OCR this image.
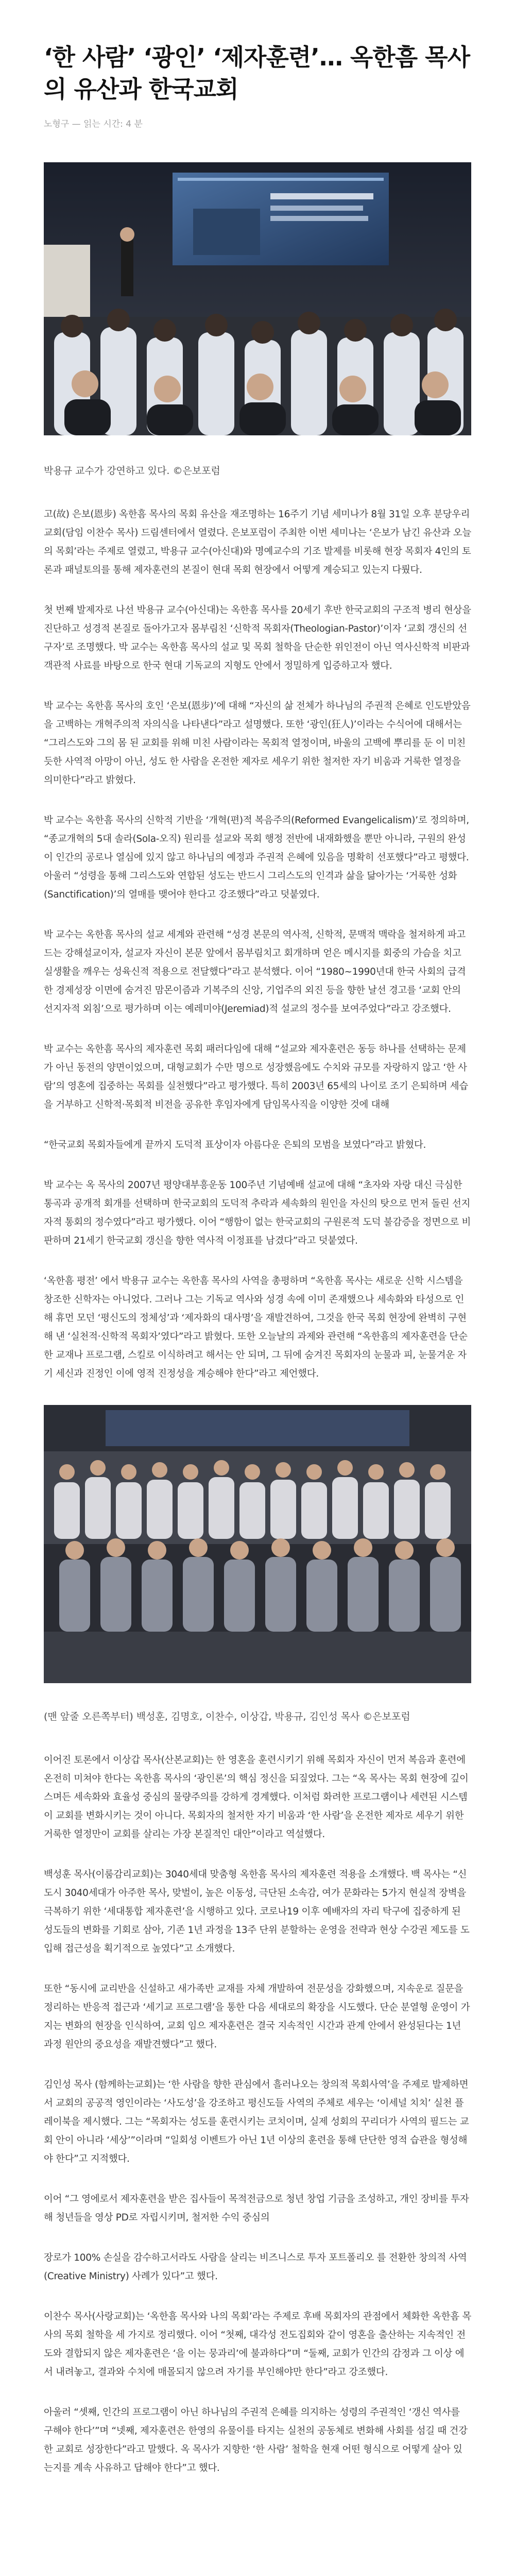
‘한 사람’ ‘광인’ ‘제자훈련’… 옥한흠 목사의 유산과 한국교회
노형구 — 읽는 시간: 4 분
박용규 교수가 강연하고 있다. ©은보포럼

고(故) 은보(恩步) 옥한흠 목사의 목회 유산을 재조명하는 16주기 기념 세미나가 8월 31일 오후 분당우리교회(담임 이찬수 목사) 드림센터에서 열렸다. 은보포럼이 주최한 이번 세미나는 ‘은보가 남긴 유산과 오늘의 목회’라는 주제로 열렸고, 박용규 교수(아신대)와 명예교수의 기조 발제를 비롯해 현장 목회자 4인의 토론과 패널토의를 통해 제자훈련의 본질이 현대 목회 현장에서 어떻게 계승되고 있는지 다뤘다.

첫 번째 발제자로 나선 박용규 교수(아신대)는 옥한흠 목사를 20세기 후반 한국교회의 구조적 병리 현상을 진단하고 성경적 본질로 돌아가고자 몸부림친 ‘신학적 목회자(Theologian-Pastor)’이자 ‘교회 갱신의 선구자’로 조명했다. 박 교수는 옥한흠 목사의 설교 및 목회 철학을 단순한 위인전이 아닌 역사신학적 비판과 객관적 사료를 바탕으로 한국 현대 기독교의 지형도 안에서 정밀하게 입증하고자 했다.

박 교수는 옥한흠 목사의 호인 ‘은보(恩步)’에 대해 “자신의 삶 전체가 하나님의 주권적 은혜로 인도받았음을 고백하는 개혁주의적 자의식을 나타낸다”라고 설명했다. 또한 ‘광인(狂人)’이라는 수식어에 대해서는 “그리스도와 그의 몸 된 교회를 위해 미친 사람이라는 목회적 열정이며, 바울의 고백에 뿌리를 둔 이 미친듯한 사역적 아망이 아닌, 성도 한 사람을 온전한 제자로 세우기 위한 철저한 자기 비움과 거룩한 열정을 의미한다”라고 밝혔다.

박 교수는 옥한흠 목사의 신학적 기반을 ‘개혁(편)적 복음주의(Reformed Evangelicalism)’로 정의하며, “종교개혁의 5대 솔라(Sola-오직) 원리를 설교와 목회 행정 전반에 내재화했을 뿐만 아니라, 구원의 완성이 인간의 공로나 열심에 있지 않고 하나님의 예정과 주권적 은혜에 있음을 명확히 선포했다”라고 평했다. 아울러 “성령을 통해 그리스도와 연합된 성도는 반드시 그리스도의 인격과 삶을 닮아가는 ‘거룩한 성화(Sanctification)’의 열매를 맺어야 한다고 강조했다”라고 덧붙였다.

박 교수는 옥한흠 목사의 설교 세계와 관련해 “성경 본문의 역사적, 신학적, 문맥적 맥락을 철저하게 파고드는 강해설교이자, 설교자 자신이 본문 앞에서 몸부림치고 회개하며 얻은 메시지를 회중의 가슴을 치고 실생활을 깨우는 성육신적 적용으로 전달했다”라고 분석했다. 이어 “1980~1990년대 한국 사회의 급격한 경제성장 이면에 숨겨진 맘몬이즘과 기복주의 신앙, 기업주의 외진 등을 향한 날선 경고를 ‘교회 안의 선지자적 외침’으로 평가하며 이는 예레미야(Jeremiad)적 설교의 정수를 보여주었다”라고 강조했다.

박 교수는 옥한흠 목사의 제자훈련 목회 패러다임에 대해 “설교와 제자훈련은 동등 하나를 선택하는 문제가 아닌 동전의 양면이었으며, 대형교회가 수만 명으로 성장했음에도 수치와 규모를 자랑하지 않고 ‘한 사람’의 영혼에 집중하는 목회를 실천했다”라고 평가했다. 특히 2003년 65세의 나이로 조기 은퇴하며 세습을 거부하고 신학적·목회적 비전을 공유한 후임자에게 담임목사직을 이양한 것에 대해

“한국교회 목회자들에게 끝까지 도덕적 표상이자 아름다운 은퇴의 모범을 보였다”라고 밝혔다.

박 교수는 옥 목사의 2007년 평양대부흥운동 100주년 기념예배 설교에 대해 “초자와 자랑 대신 극심한 통곡과 공개적 회개를 선택하며 한국교회의 도덕적 추락과 세속화의 원인을 자신의 탓으로 먼저 돌린 선지자적 통회의 정수였다”라고 평가했다. 이어 “행함이 없는 한국교회의 구원론적 도덕 불감증을 정면으로 비판하며 21세기 한국교회 갱신을 향한 역사적 이정표를 남겼다”라고 덧붙였다.

‘옥한흠 평전’ 에서 박용규 교수는 옥한흠 목사의 사역을 총평하며 “옥한흠 목사는 새로운 신학 시스템을 창조한 신학자는 아니었다. 그러나 그는 기독교 역사와 성경 속에 이미 존재했으나 세속화와 타성으로 인해 휴먼 모던 ‘평신도의 정체성’과 ‘제자화의 대사명’을 재발견하여, 그것을 한국 목회 현장에 완벽히 구현해 낸 ‘실천적·신학적 목회자’였다”라고 밝혔다. 또한 오늘날의 과제와 관련해 “옥한흠의 제자훈련을 단순한 교재나 프로그램, 스킬로 이식하려고 해서는 안 되며, 그 뒤에 숨겨진 목회자의 눈물과 피, 눈물겨운 자기 세신과 진정인 이에 영적 진정성을 계승해야 한다”라고 제언했다.

(맨 앞줄 오른쪽부터) 백성훈, 김명호, 이찬수, 이상갑, 박용규, 김인성 목사 ©은보포럼

이어진 토론에서 이상갑 목사(산본교회)는 한 영혼을 훈련시키기 위해 목회자 자신이 먼저 복음과 훈련에 온전히 미쳐야 한다는 옥한흠 목사의 ‘광인론’의 핵심 정신을 되짚었다. 그는 “옥 목사는 목회 현장에 깊이 스며든 세속화와 효율성 중심의 물량주의를 강하게 경계했다. 이처럼 화려한 프로그램이나 세련된 시스템이 교회를 변화시키는 것이 아니다. 목회자의 철저한 자기 비움과 ‘한 사람’을 온전한 제자로 세우기 위한 거룩한 열정만이 교회를 살리는 가장 본질적인 대안”이라고 역설했다.

백성훈 목사(이룸감리교회)는 3040세대 맞춤형 옥한흠 목사의 제자훈련 적용을 소개했다. 백 목사는 “신도시 3040세대가 아주한 목사, 맞벌이, 높은 이동성, 극단된 소속감, 여가 문화라는 5가지 현실적 장벽을 극복하기 위한 ‘세대통합 제자훈련’을 시행하고 있다. 코로나19 이후 예배자의 자리 탁구에 집중하게 된 성도들의 변화를 기회로 삼아, 기존 1년 과정을 13주 단위 분할하는 운영을 전략과 현상 수강권 제도를 도입해 접근성을 획기적으로 높였다”고 소개했다.

또한 “동시에 교리반을 신설하고 새가족반 교재를 자체 개발하여 전문성을 강화했으며, 지속운로 질문을 정리하는 반응적 접근과 ‘세기교 프로그램’을 통한 다음 세대로의 확장을 시도했다. 단순 분열형 운영이 가지는 변화의 현장을 인식하여, 교회 임으 제자훈련은 결국 지속적인 시간과 관계 안에서 완성된다는 1년 과정 원안의 중요성을 재발견했다”고 했다.

김인성 목사 (함께하는교회)는 ‘한 사람을 향한 관심에서 흘러나오는 창의적 목회사역’을 주제로 발제하면서 교회의 공공적 영인이라는 ‘사도성’을 강조하고 평신도들 사역의 주체로 세우는 ‘이세널 치치’ 실천 플레이북을 제시했다. 그는 “목회자는 성도를 훈련시키는 코치이며, 실제 성회의 꾸리더가 사역의 필드는 교회 안이 아니라 ‘세상’”이라며 “일회성 이벤트가 아닌 1년 이상의 훈련을 통해 단단한 영적 습관을 형성해야 한다”고 지적했다.

이어 “그 영에로서 제자훈련을 받은 집사들이 목적전금으로 청년 창업 기금을 조성하고, 개인 장비를 투자해 청년들을 영상 PD로 자립시키며, 철저한 수익 중심의

장로가 100% 손실을 감수하고서라도 사람을 살리는 비즈니스로 투자 포트폴리오 를 전환한 창의적 사역(Creative Ministry) 사례가 있다”고 했다.

이찬수 목사(사랑교회)는 ‘옥한흠 목사와 나의 목회’라는 주제로 후배 목회자의 관점에서 체화한 옥한흠 목사의 목회 철학을 세 가지로 정리했다. 이어 “첫째, 대각성 전도집회와 같이 영혼을 출산하는 지속적인 전도와 결합되지 않은 제자훈련은 ‘을 이는 뭉과리’에 불과하다”며 “둘째, 교회가 인간의 감정과 그 이상 에서 내려놓고, 결과와 수치에 매몰되지 않으려 자기를 부인해야만 한다”라고 강조했다.

아울러 “셋째, 인간의 프로그램이 아닌 하나님의 주권적 은혜를 의지하는 성령의 주권적인 ‘갱신 역사를 구해야 한다’”며 “넷째, 제자훈련은 한영의 유물이를 타지는 실천의 공동체로 변화해 사회를 섬길 때 건강한 교회로 성장한다”라고 말했다. 옥 목사가 지향한 ‘한 사람’ 철학을 현재 어떤 형식으로 어떻게 살아 있는지를 계속 사유하고 답해야 한다”고 했다.
